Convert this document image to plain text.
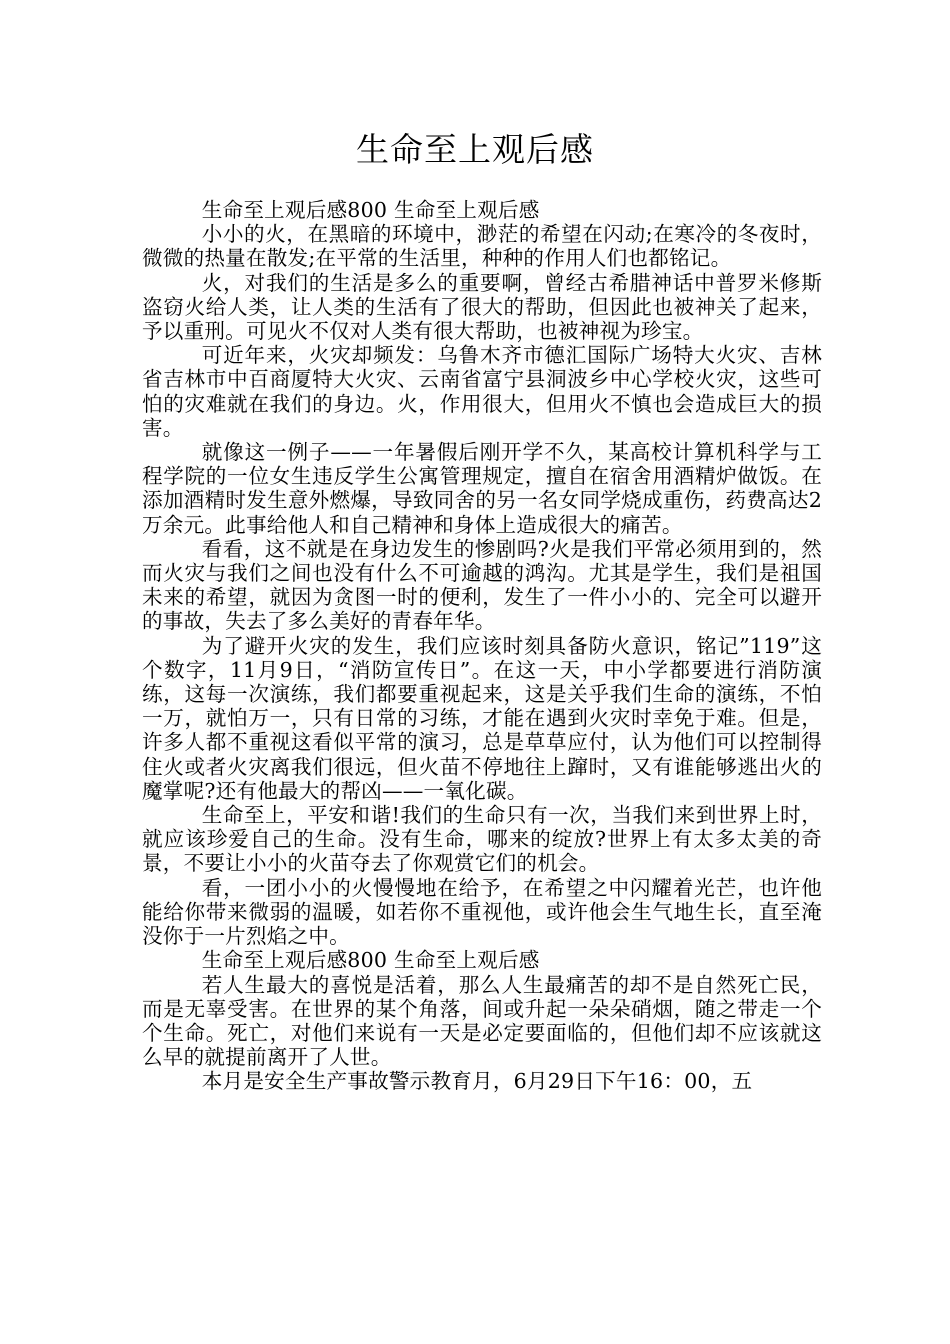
生命至上观后感

生命至上观后感800 生命至上观后感

小小的火，在黑暗的环境中，渺茫的希望在闪动;在寒冷的冬夜时，微微的热量在散发;在平常的生活里，种种的作用人们也都铭记。

火，对我们的生活是多么的重要啊，曾经古希腊神话中普罗米修斯盗窃火给人类，让人类的生活有了很大的帮助，但因此也被神关了起来，予以重刑。可见火不仅对人类有很大帮助，也被神视为珍宝。

可近年来，火灾却频发：乌鲁木齐市德汇国际广场特大火灾、吉林省吉林市中百商厦特大火灾、云南省富宁县洞波乡中心学校火灾，这些可怕的灾难就在我们的身边。火，作用很大，但用火不慎也会造成巨大的损害。

就像这一例子——一年暑假后刚开学不久，某高校计算机科学与工程学院的一位女生违反学生公寓管理规定，擅自在宿舍用酒精炉做饭。在添加酒精时发生意外燃爆，导致同舍的另一名女同学烧成重伤，药费高达2万余元。此事给他人和自己精神和身体上造成很大的痛苦。

看看，这不就是在身边发生的惨剧吗?火是我们平常必须用到的，然而火灾与我们之间也没有什么不可逾越的鸿沟。尤其是学生，我们是祖国未来的希望，就因为贪图一时的便利，发生了一件小小的、完全可以避开的事故，失去了多么美好的青春年华。

为了避开火灾的发生，我们应该时刻具备防火意识，铭记”119”这个数字，11月9日，“消防宣传日”。在这一天，中小学都要进行消防演练，这每一次演练，我们都要重视起来，这是关乎我们生命的演练，不怕一万，就怕万一，只有日常的习练，才能在遇到火灾时幸免于难。但是，许多人都不重视这看似平常的演习，总是草草应付，认为他们可以控制得住火或者火灾离我们很远，但火苗不停地往上蹿时，又有谁能够逃出火的魔掌呢?还有他最大的帮凶——一氧化碳。

生命至上，平安和谐!我们的生命只有一次，当我们来到世界上时，就应该珍爱自己的生命。没有生命，哪来的绽放?世界上有太多太美的奇景，不要让小小的火苗夺去了你观赏它们的机会。

看，一团小小的火慢慢地在给予，在希望之中闪耀着光芒，也许他能给你带来微弱的温暖，如若你不重视他，或许他会生气地生长，直至淹没你于一片烈焰之中。

生命至上观后感800 生命至上观后感

若人生最大的喜悦是活着，那么人生最痛苦的却不是自然死亡民，而是无辜受害。在世界的某个角落，间或升起一朵朵硝烟，随之带走一个个生命。死亡，对他们来说有一天是必定要面临的，但他们却不应该就这么早的就提前离开了人世。

本月是安全生产事故警示教育月，6月29日下午16：00，五
